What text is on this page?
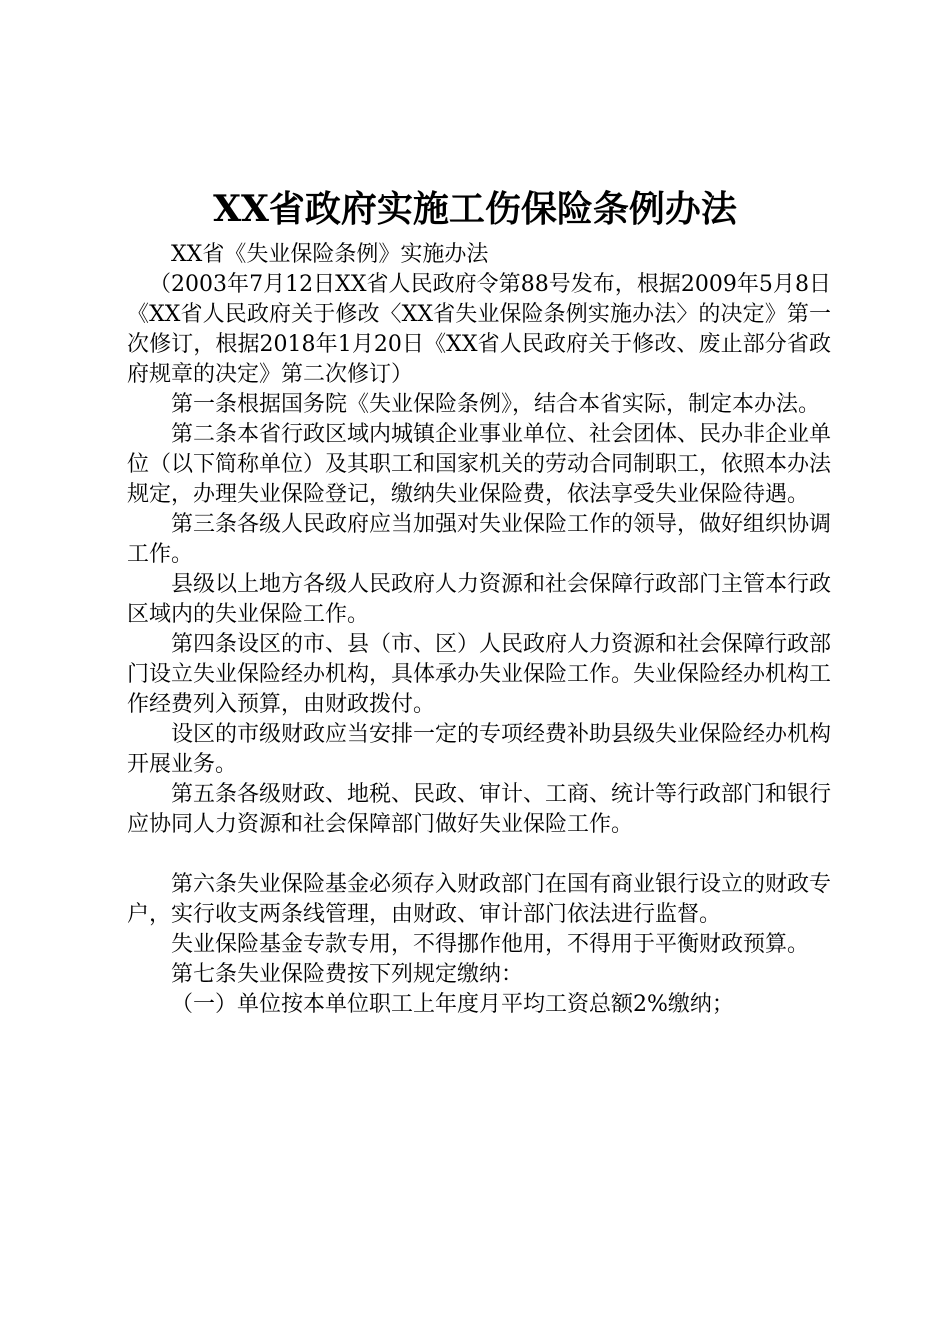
XX省政府实施工伤保险条例办法

XX省《失业保险条例》实施办法

（2003年7月12日XX省人民政府令第88号发布，根据2009年5月8日《XX省人民政府关于修改〈XX省失业保险条例实施办法〉的决定》第一次修订，根据2018年1月20日《XX省人民政府关于修改、废止部分省政府规章的决定》第二次修订）

第一条根据国务院《失业保险条例》，结合本省实际，制定本办法。

第二条本省行政区域内城镇企业事业单位、社会团体、民办非企业单位（以下简称单位）及其职工和国家机关的劳动合同制职工，依照本办法规定，办理失业保险登记，缴纳失业保险费，依法享受失业保险待遇。

第三条各级人民政府应当加强对失业保险工作的领导，做好组织协调工作。

县级以上地方各级人民政府人力资源和社会保障行政部门主管本行政区域内的失业保险工作。

第四条设区的市、县（市、区）人民政府人力资源和社会保障行政部门设立失业保险经办机构，具体承办失业保险工作。失业保险经办机构工作经费列入预算，由财政拨付。

设区的市级财政应当安排一定的专项经费补助县级失业保险经办机构开展业务。

第五条各级财政、地税、民政、审计、工商、统计等行政部门和银行应协同人力资源和社会保障部门做好失业保险工作。

第六条失业保险基金必须存入财政部门在国有商业银行设立的财政专户，实行收支两条线管理，由财政、审计部门依法进行监督。

失业保险基金专款专用，不得挪作他用，不得用于平衡财政预算。

第七条失业保险费按下列规定缴纳：

（一）单位按本单位职工上年度月平均工资总额2%缴纳；
